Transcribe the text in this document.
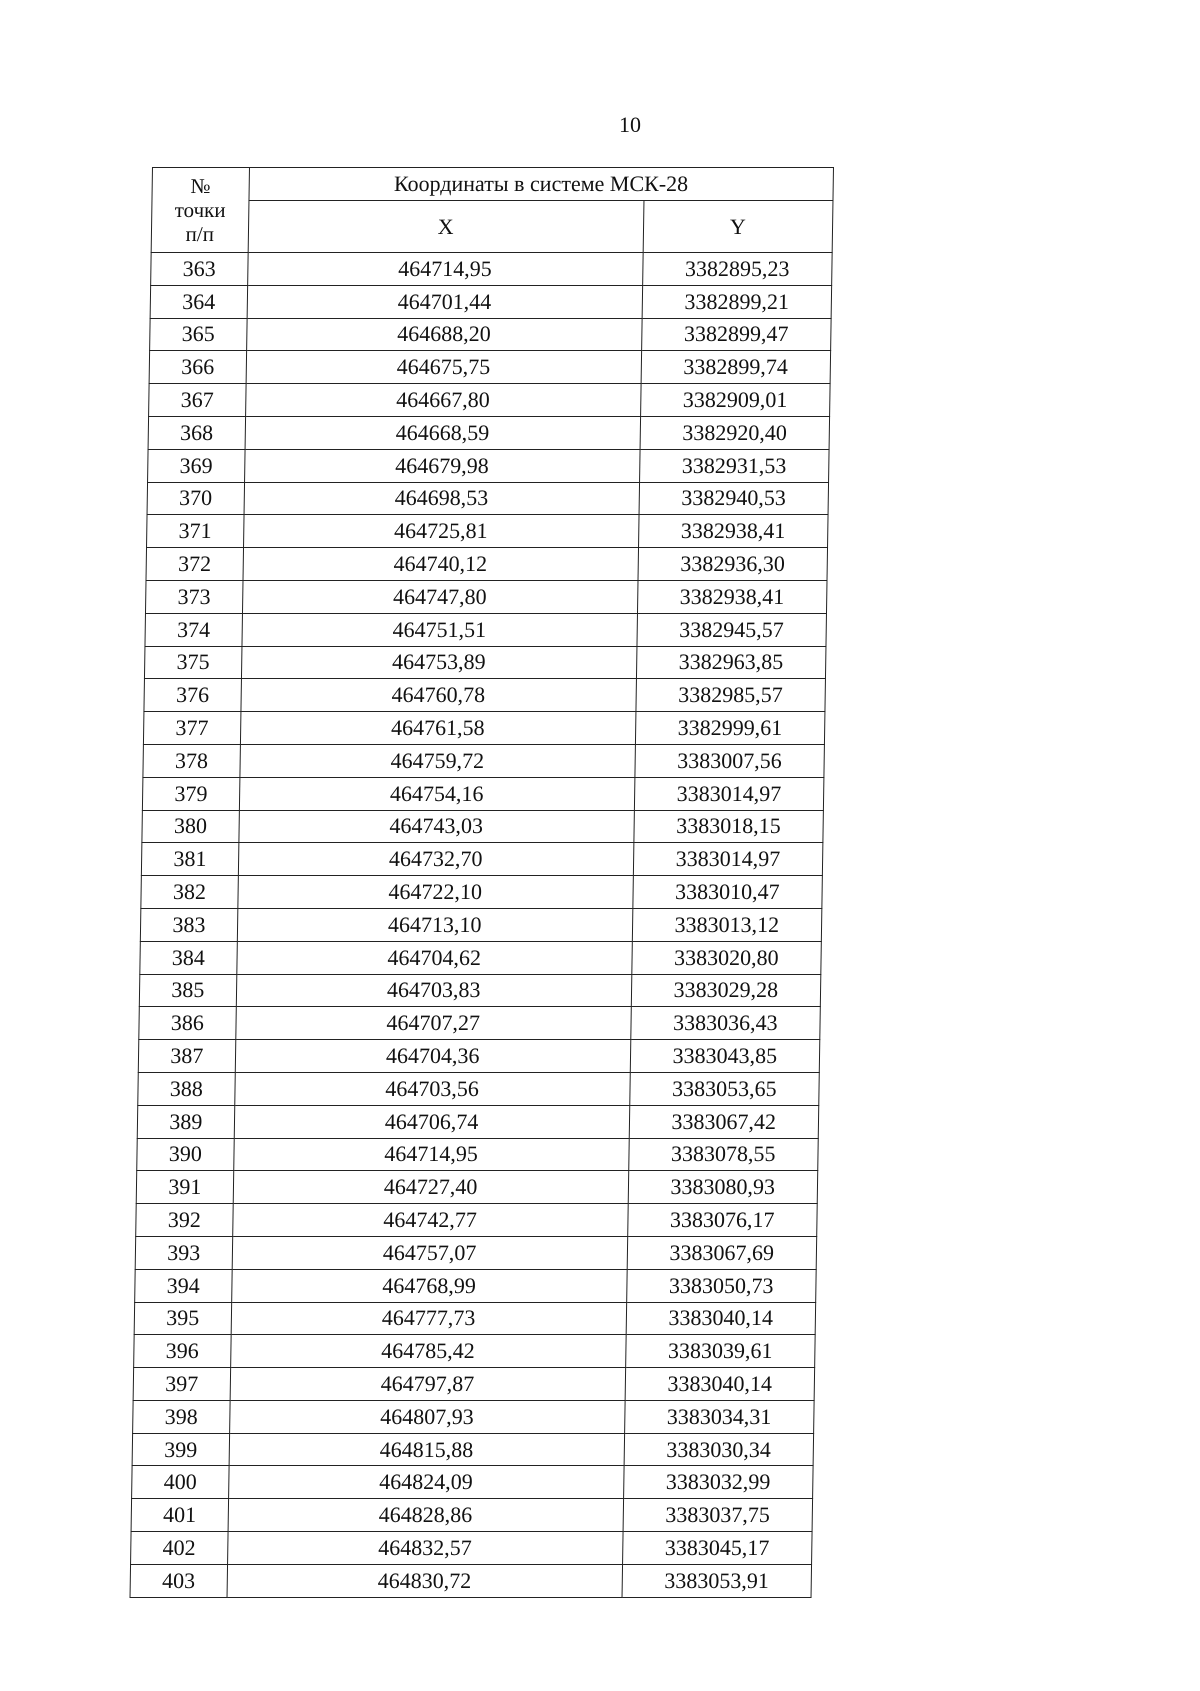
10
№
точки
п/п	Координаты в системе МСК-28	
	X	Y
363	464714,95	3382895,23
364	464701,44	3382899,21
365	464688,20	3382899,47
366	464675,75	3382899,74
367	464667,80	3382909,01
368	464668,59	3382920,40
369	464679,98	3382931,53
370	464698,53	3382940,53
371	464725,81	3382938,41
372	464740,12	3382936,30
373	464747,80	3382938,41
374	464751,51	3382945,57
375	464753,89	3382963,85
376	464760,78	3382985,57
377	464761,58	3382999,61
378	464759,72	3383007,56
379	464754,16	3383014,97
380	464743,03	3383018,15
381	464732,70	3383014,97
382	464722,10	3383010,47
383	464713,10	3383013,12
384	464704,62	3383020,80
385	464703,83	3383029,28
386	464707,27	3383036,43
387	464704,36	3383043,85
388	464703,56	3383053,65
389	464706,74	3383067,42
390	464714,95	3383078,55
391	464727,40	3383080,93
392	464742,77	3383076,17
393	464757,07	3383067,69
394	464768,99	3383050,73
395	464777,73	3383040,14
396	464785,42	3383039,61
397	464797,87	3383040,14
398	464807,93	3383034,31
399	464815,88	3383030,34
400	464824,09	3383032,99
401	464828,86	3383037,75
402	464832,57	3383045,17
403	464830,72	3383053,91
